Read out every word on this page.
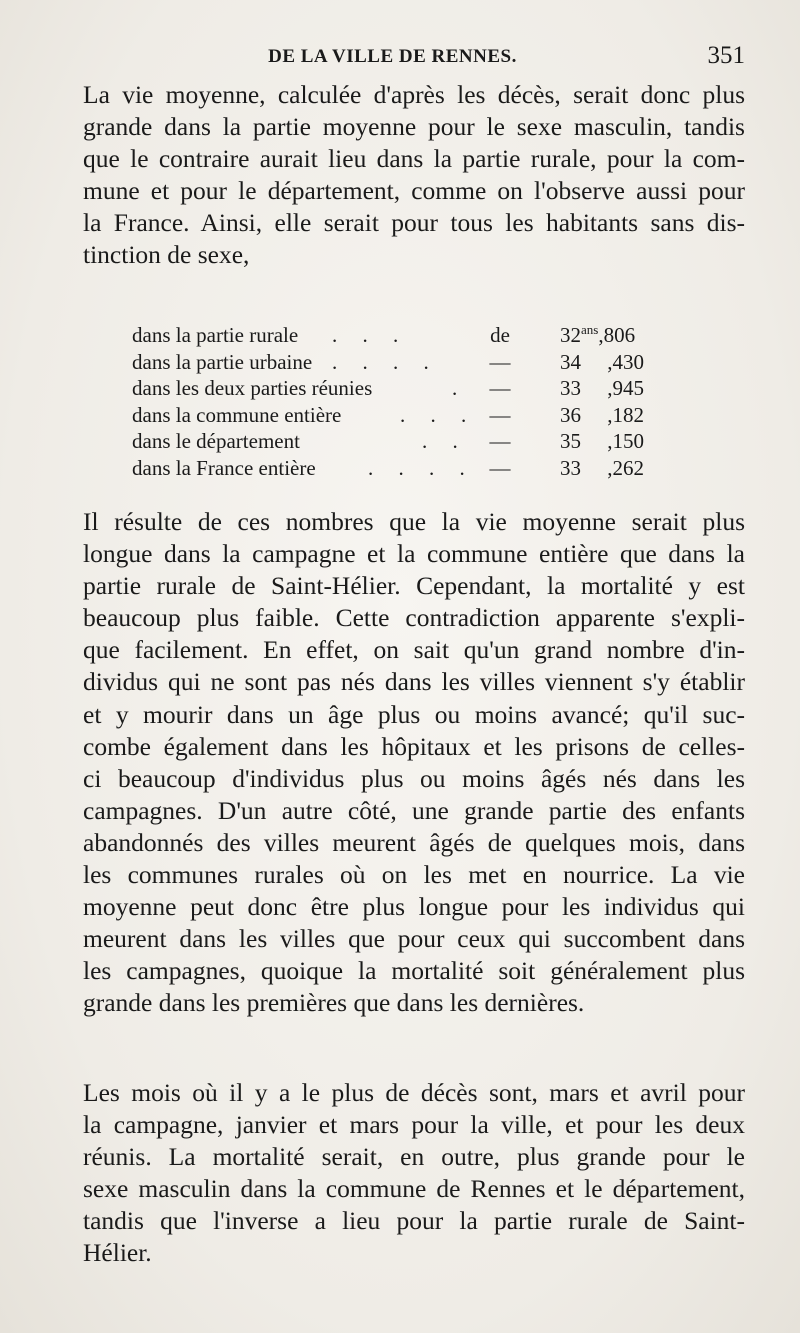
DE LA VILLE DE RENNES.	351

La vie moyenne, calculée d'après les décès, serait donc plus
grande dans la partie moyenne pour le sexe masculin, tandis
que le contraire aurait lieu dans la partie rurale, pour la com-
mune et pour le département, comme on l'observe aussi pour
la France. Ainsi, elle serait pour tous les habitants sans dis-
tinction de sexe,

dans la partie rurale . . .	de	$32^{ans},806$
dans la partie urbaine . . . .	—	34 ,430
dans les deux parties réunies	.	—	33 ,945
dans la commune entière	. . . —	36 ,182
dans le département	. .	—	35 ,150
dans la France entière . . . . —	33 ,262

Il résulte de ces nombres que la vie moyenne serait plus
longue dans la campagne et la commune entière que dans la
partie rurale de Saint-Hélier. Cependant, la mortalité y est
beaucoup plus faible. Cette contradiction apparente s'expli-
que facilement. En effet, on sait qu'un grand nombre d'in-
dividus qui ne sont pas nés dans les villes viennent s'y établir
et y mourir dans un âge plus ou moins avancé; qu'il suc-
combe également dans les hôpitaux et les prisons de celles-
ci beaucoup d'individus plus ou moins âgés nés dans les
campagnes. D'un autre côté, une grande partie des enfants
abandonnés des villes meurent âgés de quelques mois, dans
les communes rurales où on les met en nourrice. La vie
moyenne peut donc être plus longue pour les individus qui
meurent dans les villes que pour ceux qui succombent dans
les campagnes, quoique la mortalité soit généralement plus
grande dans les premières que dans les dernières.

Les mois où il y a le plus de décès sont, mars et avril pour
la campagne, janvier et mars pour la ville, et pour les deux
réunis. La mortalité serait, en outre, plus grande pour le
sexe masculin dans la commune de Rennes et le département,
tandis que l'inverse a lieu pour la partie rurale de Saint-
Hélier.
